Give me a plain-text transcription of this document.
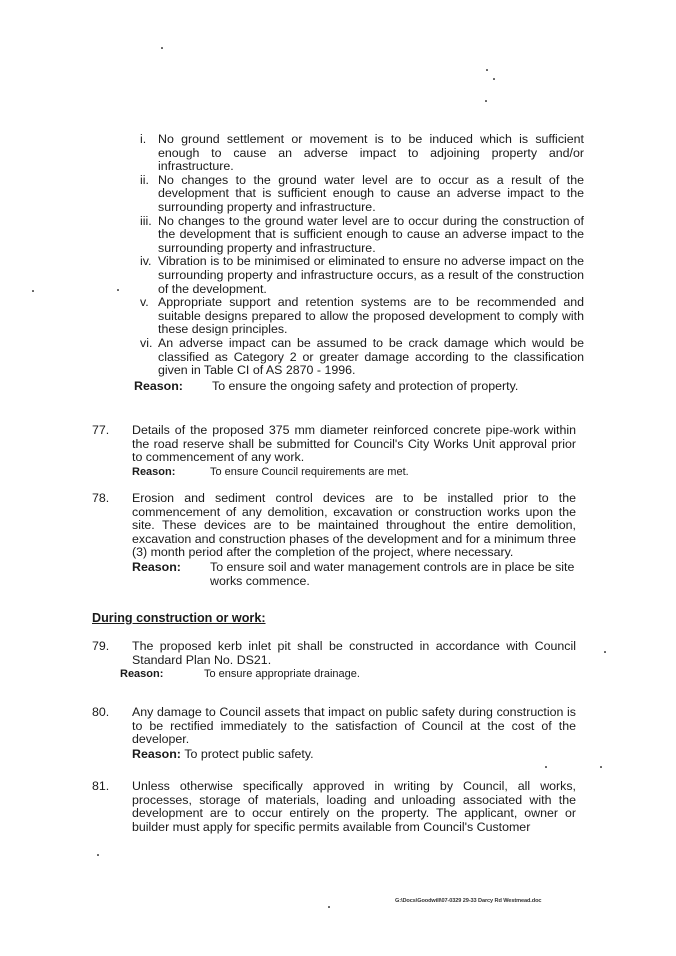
i. No ground settlement or movement is to be induced which is sufficient enough to cause an adverse impact to adjoining property and/or infrastructure.
ii. No changes to the ground water level are to occur as a result of the development that is sufficient enough to cause an adverse impact to the surrounding property and infrastructure.
iii. No changes to the ground water level are to occur during the construction of the development that is sufficient enough to cause an adverse impact to the surrounding property and infrastructure.
iv. Vibration is to be minimised or eliminated to ensure no adverse impact on the surrounding property and infrastructure occurs, as a result of the construction of the development.
v. Appropriate support and retention systems are to be recommended and suitable designs prepared to allow the proposed development to comply with these design principles.
vi. An adverse impact can be assumed to be crack damage which would be classified as Category 2 or greater damage according to the classification given in Table CI of AS 2870 - 1996.
Reason:	To ensure the ongoing safety and protection of property.
77.	Details of the proposed 375 mm diameter reinforced concrete pipe-work within the road reserve shall be submitted for Council's City Works Unit approval prior to commencement of any work.
Reason:	To ensure Council requirements are met.
78.	Erosion and sediment control devices are to be installed prior to the commencement of any demolition, excavation or construction works upon the site. These devices are to be maintained throughout the entire demolition, excavation and construction phases of the development and for a minimum three (3) month period after the completion of the project, where necessary.
Reason:	To ensure soil and water management controls are in place be site works commence.
During construction or work:
79.	The proposed kerb inlet pit shall be constructed in accordance with Council Standard Plan No. DS21.
Reason:	To ensure appropriate drainage.
80.	Any damage to Council assets that impact on public safety during construction is to be rectified immediately to the satisfaction of Council at the cost of the developer.
Reason: To protect public safety.
81.	Unless otherwise specifically approved in writing by Council, all works, processes, storage of materials, loading and unloading associated with the development are to occur entirely on the property. The applicant, owner or builder must apply for specific permits available from Council's Customer
G:\Docs\Goodwill\07-0329 29-33 Darcy Rd Westmead.doc
